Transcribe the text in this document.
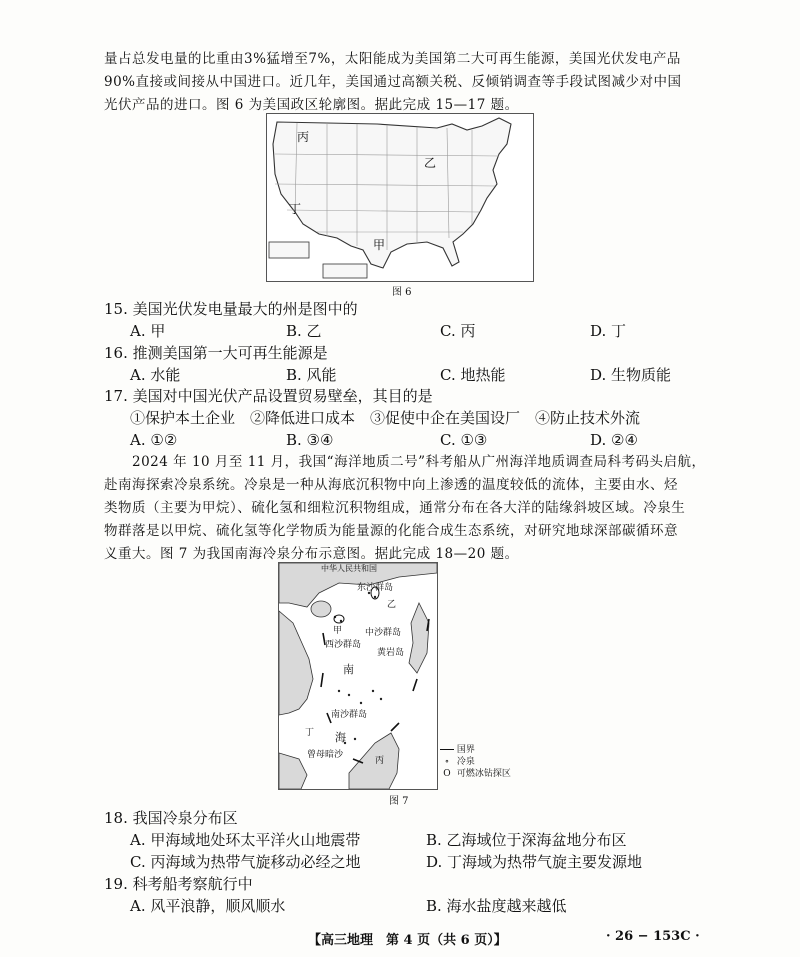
量占总发电量的比重由3%猛增至7%，太阳能成为美国第二大可再生能源，美国光伏发电产品
90%直接或间接从中国进口。近几年，美国通过高额关税、反倾销调查等手段试图减少对中国
光伏产品的进口。图 6 为美国政区轮廓图。据此完成 15—17 题。
丙
乙
丁
甲
图 6
15. 美国光伏发电量最大的州是图中的
A. 甲	B. 乙	C. 丙	D. 丁
16. 推测美国第一大可再生能源是
A. 水能	B. 风能	C. 地热能	D. 生物质能
17. 美国对中国光伏产品设置贸易壁垒，其目的是
①保护本土企业　②降低进口成本　③促使中企在美国设厂　④防止技术外流
A. ①②	B. ③④	C. ①③	D. ②④
　　2024 年 10 月至 11 月，我国“海洋地质二号”科考船从广州海洋地质调查局科考码头启航，
赴南海探索冷泉系统。冷泉是一种从海底沉积物中向上渗透的温度较低的流体，主要由水、烃
类物质（主要为甲烷）、硫化氢和细粒沉积物组成，通常分布在各大洋的陆缘斜坡区域。冷泉生
物群落是以甲烷、硫化氢等化学物质为能量源的化能合成生态系统，对研究地球深部碳循环意
义重大。图 7 为我国南海冷泉分布示意图。据此完成 18—20 题。
中华人民共和国
东沙群岛
乙
甲
西沙群岛
中沙群岛
黄岩岛
南
南沙群岛
海
曾母暗沙
丙
丁
国界
∘ 冷泉
O 可燃冰钻探区
图 7
18. 我国冷泉分布区
A. 甲海域地处环太平洋火山地震带	B. 乙海域位于深海盆地分布区
C. 丙海域为热带气旋移动必经之地	D. 丁海域为热带气旋主要发源地
19. 科考船考察航行中
A. 风平浪静，顺风顺水	B. 海水盐度越来越低
【高三地理　第 4 页（共 6 页）】	· 26 − 153C ·
